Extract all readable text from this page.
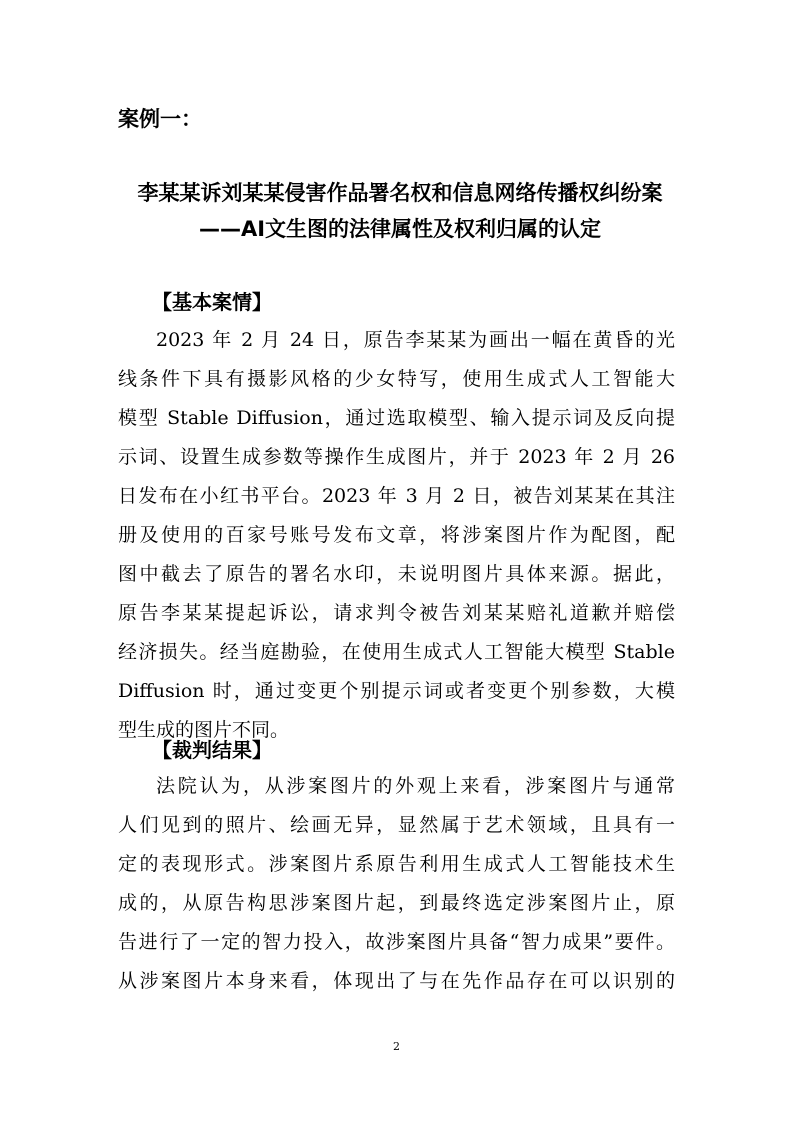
案例一：

李某某诉刘某某侵害作品署名权和信息网络传播权纠纷案

——AI文生图的法律属性及权利归属的认定

【基本案情】

2023 年 2 月 24 日，原告李某某为画出一幅在黄昏的光
线条件下具有摄影风格的少女特写，使用生成式人工智能大
模型 Stable Diffusion，通过选取模型、输入提示词及反向提
示词、设置生成参数等操作生成图片，并于 2023 年 2 月 26
日发布在小红书平台。2023 年 3 月 2 日，被告刘某某在其注
册及使用的百家号账号发布文章，将涉案图片作为配图，配
图中截去了原告的署名水印，未说明图片具体来源。据此，
原告李某某提起诉讼，请求判令被告刘某某赔礼道歉并赔偿
经济损失。经当庭勘验，在使用生成式人工智能大模型 Stable
Diffusion 时，通过变更个别提示词或者变更个别参数，大模
型生成的图片不同。

【裁判结果】

法院认为，从涉案图片的外观上来看，涉案图片与通常
人们见到的照片、绘画无异，显然属于艺术领域，且具有一
定的表现形式。涉案图片系原告利用生成式人工智能技术生
成的，从原告构思涉案图片起，到最终选定涉案图片止，原
告进行了一定的智力投入，故涉案图片具备“智力成果”要件。
从涉案图片本身来看，体现出了与在先作品存在可以识别的
2
